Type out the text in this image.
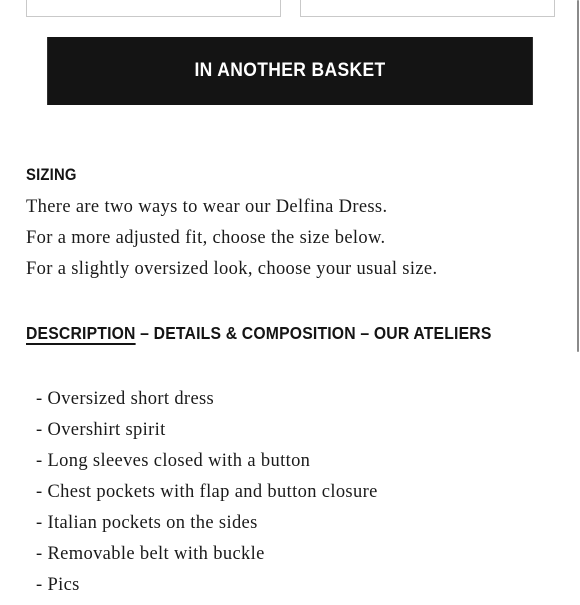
IN ANOTHER BASKET
SIZING
There are two ways to wear our Delfina Dress.
For a more adjusted fit, choose the size below.
For a slightly oversized look, choose your usual size.
DESCRIPTION – DETAILS & COMPOSITION – OUR ATELIERS
- Oversized short dress
- Overshirt spirit
- Long sleeves closed with a button
- Chest pockets with flap and button closure
- Italian pockets on the sides
- Removable belt with buckle
- Pics
